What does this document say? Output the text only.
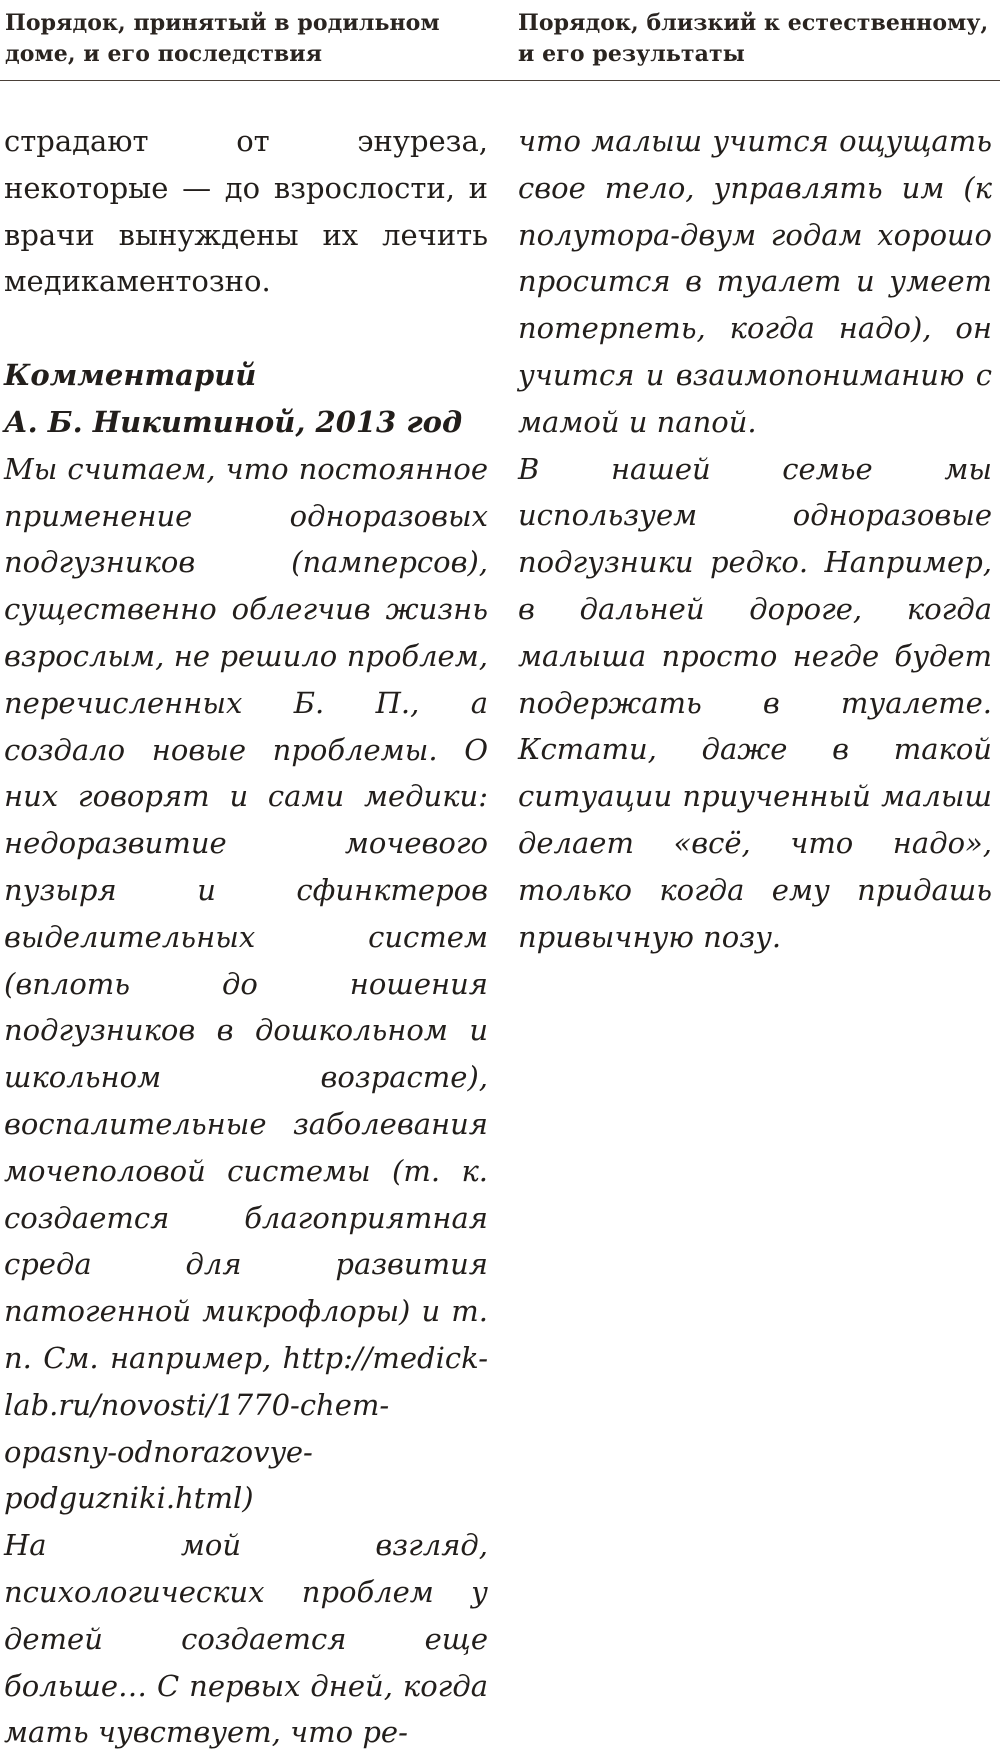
Порядок, принятый в родильном доме, и его последствия
Порядок, близкий к естественному, и его результаты

страдают от энуреза, некоторые — до взрослости, и врачи вынуждены их лечить медикаментозно.

Комментарий
А. Б. Никитиной, 2013 год

Мы считаем, что постоянное применение одноразовых подгузников (памперсов), существенно облегчив жизнь взрослым, не решило проблем, перечисленных Б. П., а создало новые проблемы. О них говорят и сами медики: недоразвитие мочевого пузыря и сфинктеров выделительных систем (вплоть до ношения подгузников в дошкольном и школьном возрасте), воспалительные заболевания мочеполовой системы (т. к. создается благоприятная среда для развития патогенной микрофлоры) и т. п. См. например, http://medick-lab.ru/novosti/1770-chem-opasny-odnorazovye-podguzniki.html)

На мой взгляд, психологических проблем у детей создается еще больше… С первых дней, когда мать чувствует, что ре-

что малыш учится ощущать свое тело, управлять им (к полутора-двум годам хорошо просится в туалет и умеет потерпеть, когда надо), он учится и взаимопониманию с мамой и папой.

В нашей семье мы используем одноразовые подгузники редко. Например, в дальней дороге, когда малыша просто негде будет подержать в туалете. Кстати, даже в такой ситуации приученный малыш делает «всё, что надо», только когда ему придашь привычную позу.
